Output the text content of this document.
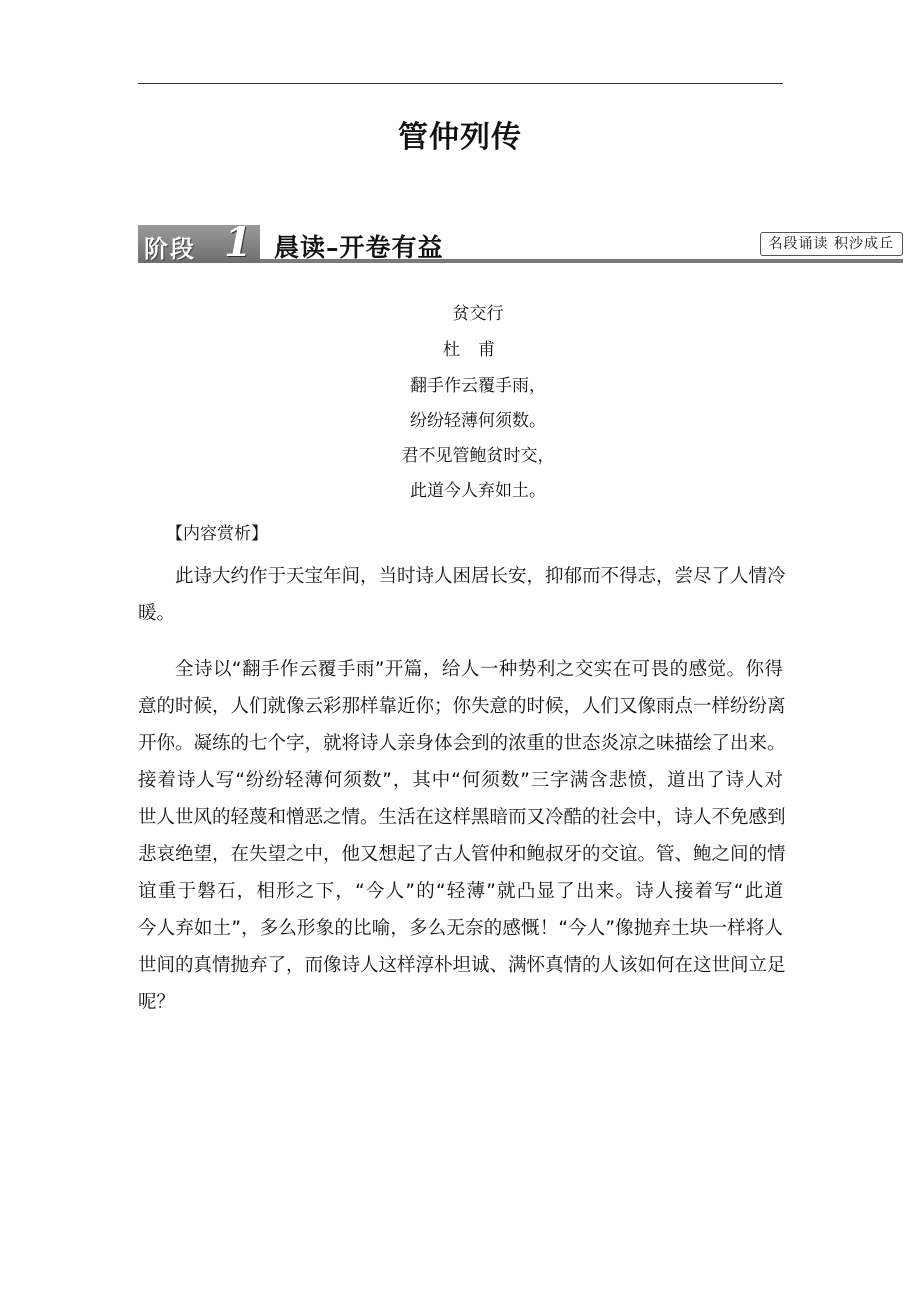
管仲列传
阶段 1 晨读–开卷有益	名段诵读 积沙成丘
贫交行
杜甫
翻手作云覆手雨，
纷纷轻薄何须数。
君不见管鲍贫时交，
此道今人弃如土。
【内容赏析】

此诗大约作于天宝年间，当时诗人困居长安，抑郁而不得志，尝尽了人情冷
暖。

全诗以“翻手作云覆手雨”开篇，给人一种势利之交实在可畏的感觉。你得
意的时候，人们就像云彩那样靠近你；你失意的时候，人们又像雨点一样纷纷离
开你。凝练的七个字，就将诗人亲身体会到的浓重的世态炎凉之味描绘了出来。
接着诗人写“纷纷轻薄何须数”，其中“何须数”三字满含悲愤，道出了诗人对
世人世风的轻蔑和憎恶之情。生活在这样黑暗而又冷酷的社会中，诗人不免感到
悲哀绝望，在失望之中，他又想起了古人管仲和鲍叔牙的交谊。管、鲍之间的情
谊重于磐石，相形之下，“今人”的“轻薄”就凸显了出来。诗人接着写“此道
今人弃如土”，多么形象的比喻，多么无奈的感慨！“今人”像抛弃土块一样将人
世间的真情抛弃了，而像诗人这样淳朴坦诚、满怀真情的人该如何在这世间立足
呢？
